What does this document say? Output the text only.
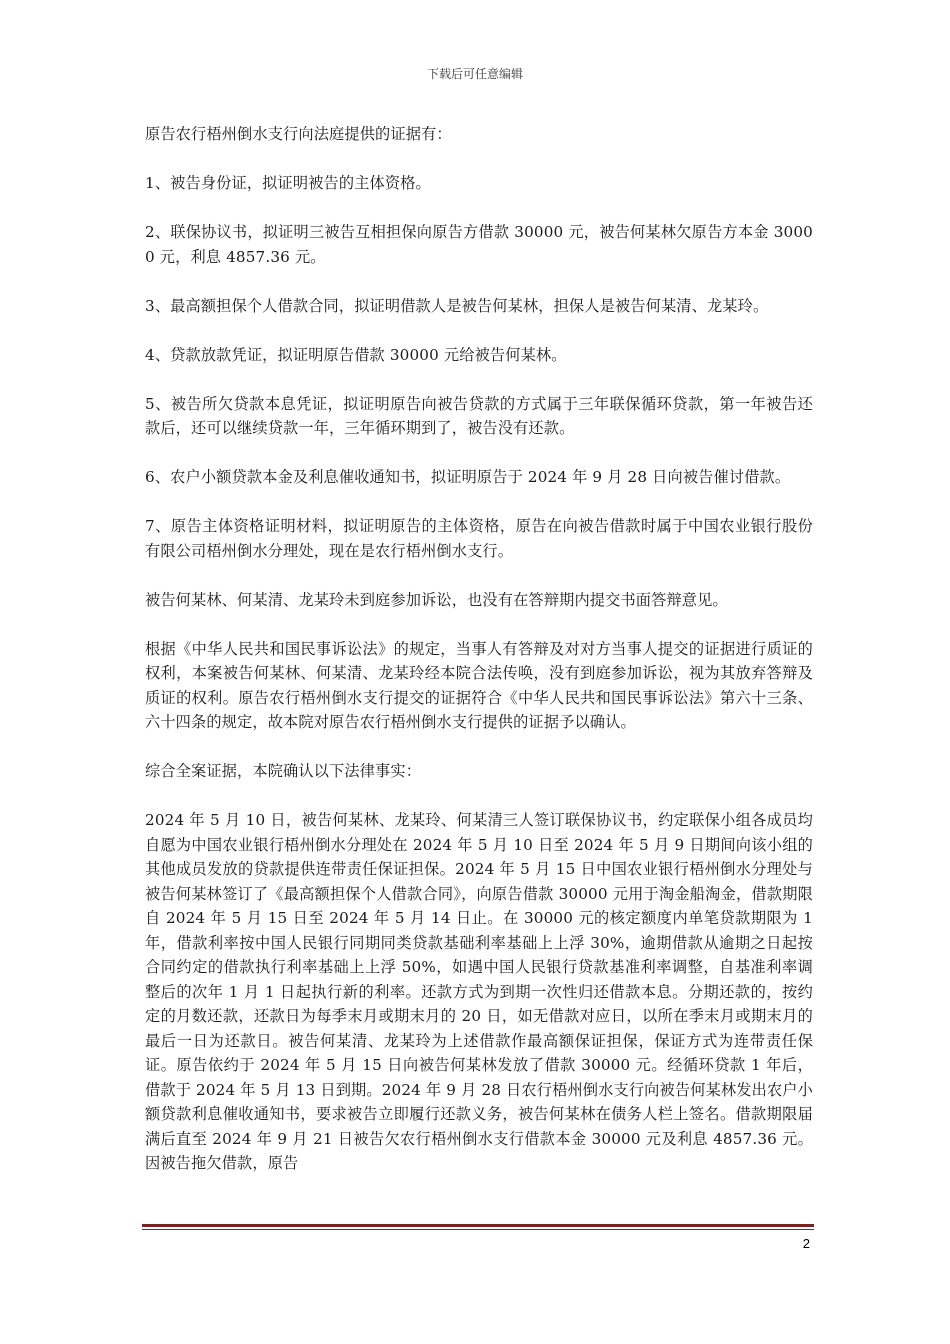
下载后可任意编辑

原告农行梧州倒水支行向法庭提供的证据有：

1、被告身份证，拟证明被告的主体资格。

2、联保协议书，拟证明三被告互相担保向原告方借款 30000 元，被告何某林欠原告方本金 30000 元，利息 4857.36 元。

3、最高额担保个人借款合同，拟证明借款人是被告何某林，担保人是被告何某清、龙某玲。

4、贷款放款凭证，拟证明原告借款 30000 元给被告何某林。

5、被告所欠贷款本息凭证，拟证明原告向被告贷款的方式属于三年联保循环贷款，第一年被告还款后，还可以继续贷款一年，三年循环期到了，被告没有还款。

6、农户小额贷款本金及利息催收通知书，拟证明原告于 2024 年 9 月 28 日向被告催讨借款。

7、原告主体资格证明材料，拟证明原告的主体资格，原告在向被告借款时属于中国农业银行股份有限公司梧州倒水分理处，现在是农行梧州倒水支行。

被告何某林、何某清、龙某玲未到庭参加诉讼，也没有在答辩期内提交书面答辩意见。

根据《中华人民共和国民事诉讼法》的规定，当事人有答辩及对对方当事人提交的证据进行质证的权利，本案被告何某林、何某清、龙某玲经本院合法传唤，没有到庭参加诉讼，视为其放弃答辩及质证的权利。原告农行梧州倒水支行提交的证据符合《中华人民共和国民事诉讼法》第六十三条、六十四条的规定，故本院对原告农行梧州倒水支行提供的证据予以确认。

综合全案证据，本院确认以下法律事实：

2024 年 5 月 10 日，被告何某林、龙某玲、何某清三人签订联保协议书，约定联保小组各成员均自愿为中国农业银行梧州倒水分理处在 2024 年 5 月 10 日至 2024 年 5 月 9 日期间向该小组的其他成员发放的贷款提供连带责任保证担保。2024 年 5 月 15 日中国农业银行梧州倒水分理处与被告何某林签订了《最高额担保个人借款合同》，向原告借款 30000 元用于淘金船淘金，借款期限自 2024 年 5 月 15 日至 2024 年 5 月 14 日止。在 30000 元的核定额度内单笔贷款期限为 1 年，借款利率按中国人民银行同期同类贷款基础利率基础上上浮 30%，逾期借款从逾期之日起按合同约定的借款执行利率基础上上浮 50%，如遇中国人民银行贷款基准利率调整，自基准利率调整后的次年 1 月 1 日起执行新的利率。还款方式为到期一次性归还借款本息。分期还款的，按约定的月数还款，还款日为每季末月或期末月的 20 日，如无借款对应日，以所在季末月或期末月的最后一日为还款日。被告何某清、龙某玲为上述借款作最高额保证担保，保证方式为连带责任保证。原告依约于 2024 年 5 月 15 日向被告何某林发放了借款 30000 元。经循环贷款 1 年后，借款于 2024 年 5 月 13 日到期。2024 年 9 月 28 日农行梧州倒水支行向被告何某林发出农户小额贷款利息催收通知书，要求被告立即履行还款义务，被告何某林在债务人栏上签名。借款期限届满后直至 2024 年 9 月 21 日被告欠农行梧州倒水支行借款本金 30000 元及利息 4857.36 元。因被告拖欠借款，原告

2
